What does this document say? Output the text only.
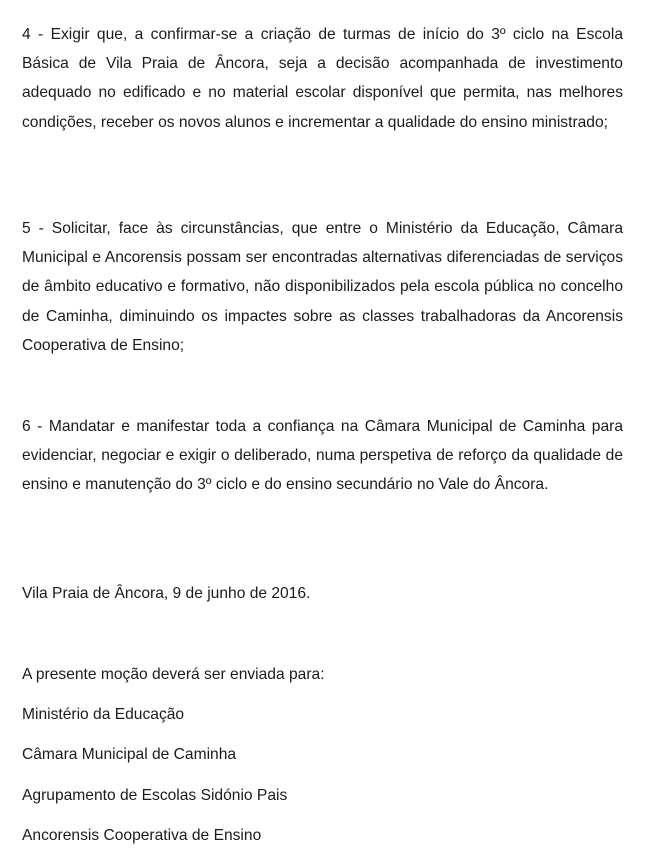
4 - Exigir que, a confirmar-se a criação de turmas de início do 3º ciclo na Escola Básica de Vila Praia de Âncora, seja a decisão acompanhada de investimento adequado no edificado e no material escolar disponível que permita, nas melhores condições, receber os novos alunos e incrementar a qualidade do ensino ministrado;

5 - Solicitar, face às circunstâncias, que entre o Ministério da Educação, Câmara Municipal e Ancorensis possam ser encontradas alternativas diferenciadas de serviços de âmbito educativo e formativo, não disponibilizados pela escola pública no concelho de Caminha, diminuindo os impactes sobre as classes trabalhadoras da Ancorensis Cooperativa de Ensino;

6 - Mandatar e manifestar toda a confiança na Câmara Municipal de Caminha para evidenciar, negociar e exigir o deliberado, numa perspetiva de reforço da qualidade de ensino e manutenção do 3º ciclo e do ensino secundário no Vale do Âncora.

Vila Praia de Âncora, 9 de junho de 2016.

A presente moção deverá ser enviada para:

Ministério da Educação

Câmara Municipal de Caminha

Agrupamento de Escolas Sidónio Pais

Ancorensis Cooperativa de Ensino
